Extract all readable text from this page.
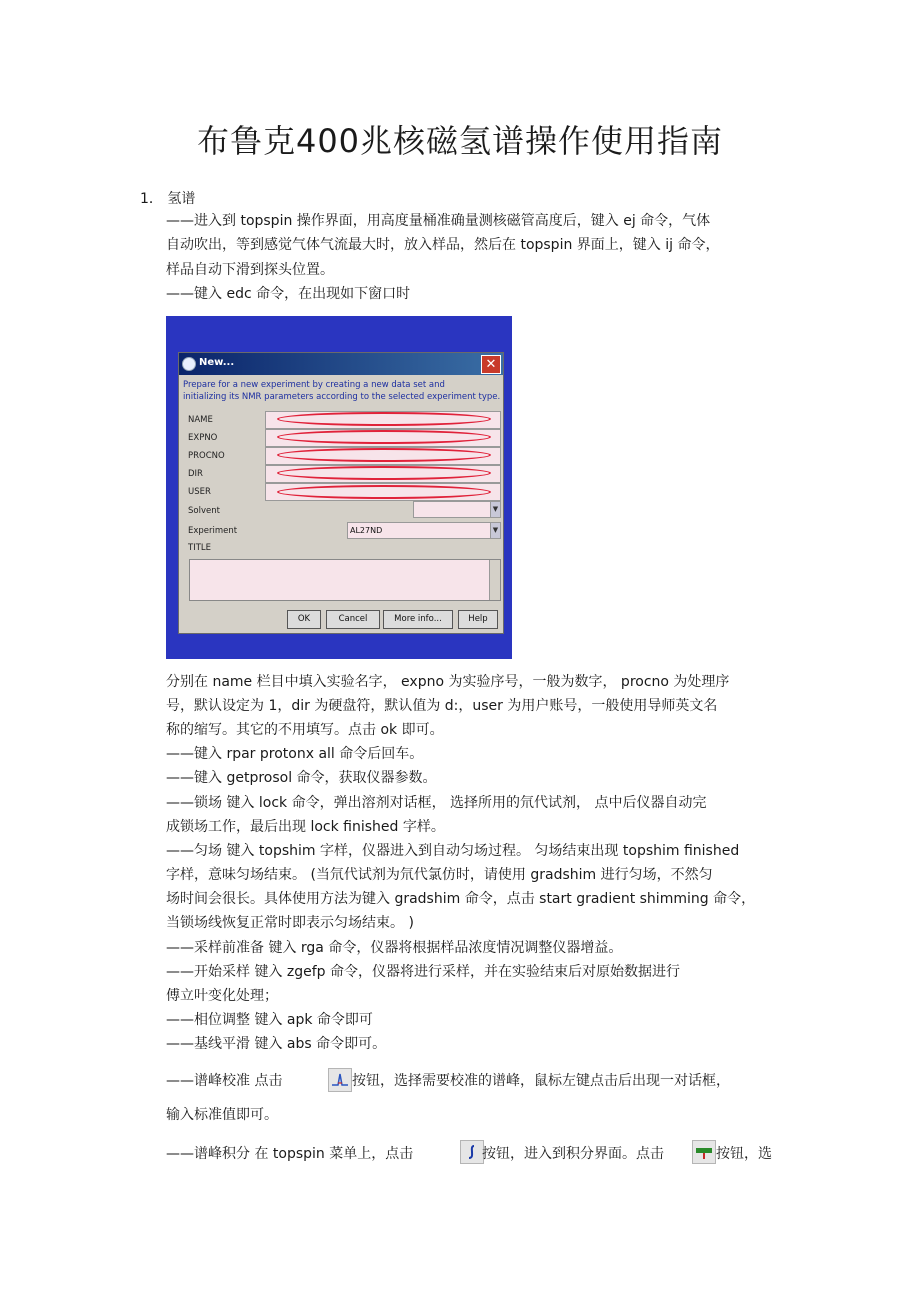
布鲁克400兆核磁氢谱操作使用指南
1． 氢谱
——进入到 topspin 操作界面，用高度量桶准确量测核磁管高度后，键入 ej 命令，气体
自动吹出，等到感觉气体气流最大时，放入样品，然后在 topspin 界面上，键入 ij 命令，
样品自动下滑到探头位置。
——键入 edc 命令，在出现如下窗口时
New...	✕
Prepare for a new experiment by creating a new data set and
initializing its NMR parameters according to the selected experiment type.
NAME
EXPNO
PROCNO
DIR
USER
Solvent	▼
Experiment	AL27ND	▼
TITLE
OK	Cancel	More info...	Help
分别在 name 栏目中填入实验名字， expno 为实验序号，一般为数字， procno 为处理序
号，默认设定为 1，dir 为硬盘符，默认值为 d:，user 为用户账号，一般使用导师英文名
称的缩写。其它的不用填写。点击 ok 即可。
——键入 rpar protonx all 命令后回车。
——键入 getprosol 命令，获取仪器参数。
——锁场 键入 lock 命令，弹出溶剂对话框， 选择所用的氘代试剂， 点中后仪器自动完
成锁场工作，最后出现 lock finished 字样。
——匀场 键入 topshim 字样，仪器进入到自动匀场过程。 匀场结束出现 topshim finished
字样，意味匀场结束。 (当氘代试剂为氘代氯仿时，请使用 gradshim 进行匀场，不然匀
场时间会很长。具体使用方法为键入 gradshim 命令，点击 start gradient shimming 命令，
当锁场线恢复正常时即表示匀场结束。 )
——采样前准备 键入 rga 命令，仪器将根据样品浓度情况调整仪器增益。
——开始采样 键入 zgefp 命令，仪器将进行采样，并在实验结束后对原始数据进行
傅立叶变化处理；
——相位调整 键入 apk 命令即可
——基线平滑 键入 abs 命令即可。
——谱峰校准 点击	按钮，选择需要校准的谱峰，鼠标左键点击后出现一对话框，
输入标准值即可。
——谱峰积分 在 topspin 菜单上，点击	按钮，进入到积分界面。点击	按钮，选
